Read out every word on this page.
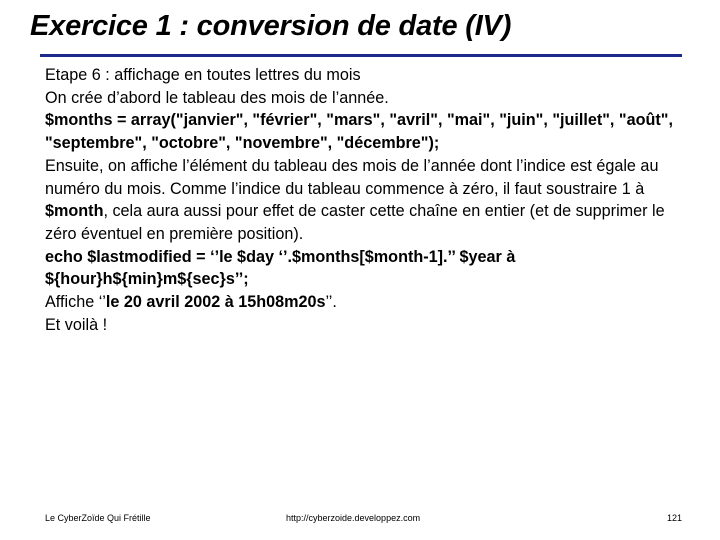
Exercice 1 : conversion de date (IV)

Etape 6 : affichage en toutes lettres du mois

On crée d’abord le tableau des mois de l’année.

$months = array("janvier", "février", "mars", "avril", "mai", "juin", "juillet", "août", "septembre", "octobre", "novembre", "décembre");

Ensuite, on affiche l’élément du tableau des mois de l’année dont l’indice est égale au numéro du mois. Comme l’indice du tableau commence à zéro, il faut soustraire 1 à $month, cela aura aussi pour effet de caster cette chaîne en entier (et de supprimer le zéro éventuel en première position).

echo $lastmodified = ‘’le $day ‘’.$months[$month-1].’’ $year à ${hour}h${min}m${sec}s’’;

Affiche ‘’le 20 avril 2002 à 15h08m20s’’.

Et voilà !

Le CyberZoïde Qui Frétille	http://cyberzoide.developpez.com	121
